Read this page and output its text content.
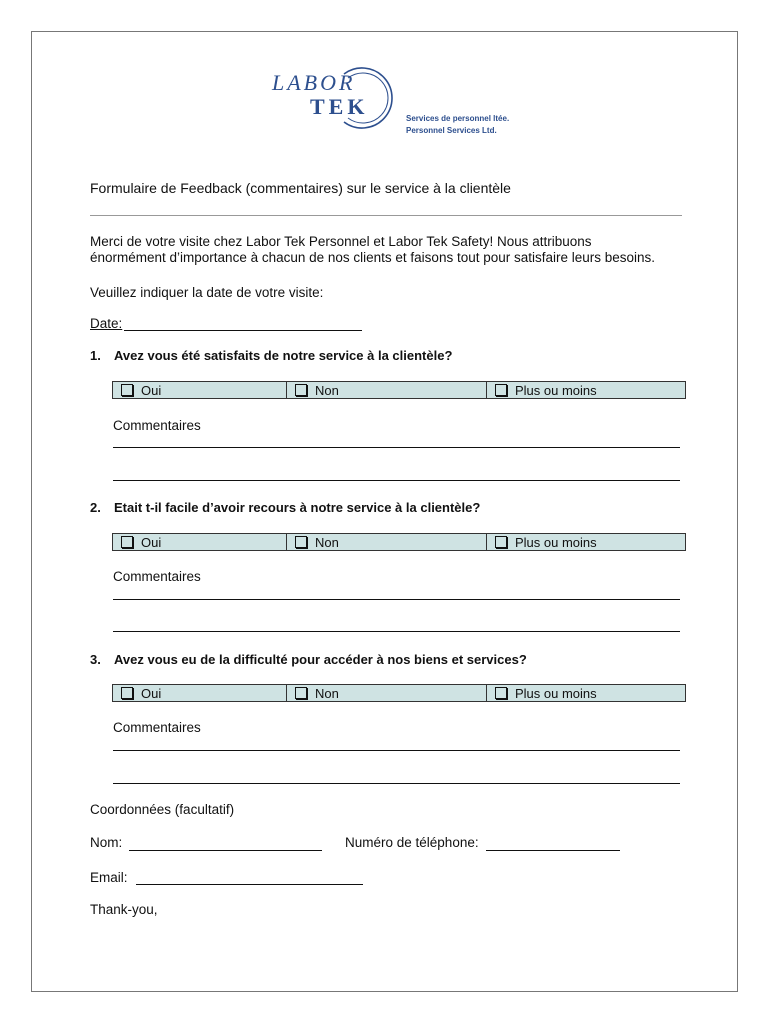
LABOR
TEK	Services de personnel ltée.
Personnel Services Ltd.
Formulaire de Feedback (commentaires) sur le service à la clientèle
Merci de votre visite chez Labor Tek Personnel et Labor Tek Safety! Nous attribuons
énormément d’importance à chacun de nos clients et faisons tout pour satisfaire leurs besoins.
Veuillez indiquer la date de votre visite:
Date:
1. Avez vous été satisfaits de notre service à la clientèle?
Oui	Non	Plus ou moins
Commentaires
2. Etait t-il facile d’avoir recours à notre service à la clientèle?
Oui	Non	Plus ou moins
Commentaires
3. Avez vous eu de la difficulté pour accéder à nos biens et services?
Oui	Non	Plus ou moins
Commentaires
Coordonnées (facultatif)
Nom:	Numéro de téléphone:
Email:
Thank-you,
